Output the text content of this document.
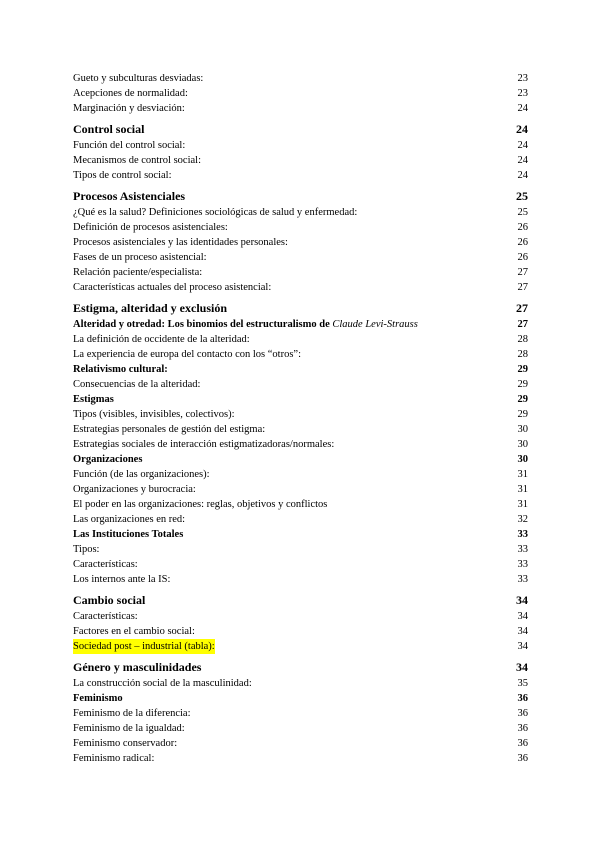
Gueto y subculturas desviadas:	23
Acepciones de normalidad:	23
Marginación y desviación:	24
Control social	24
Función del control social:	24
Mecanismos de control social:	24
Tipos de control social:	24
Procesos Asistenciales	25
¿Qué es la salud? Definiciones sociológicas de salud y enfermedad:	25
Definición de procesos asistenciales:	26
Procesos asistenciales y las identidades personales:	26
Fases de un proceso asistencial:	26
Relación paciente/especialista:	27
Características actuales del proceso asistencial:	27
Estigma, alteridad y exclusión	27
Alteridad y otredad: Los binomios del estructuralismo de Claude Levi-Strauss	27
La definición de occidente de la alteridad:	28
La experiencia de europa del contacto con los “otros”:	28
Relativismo cultural:	29
Consecuencias de la alteridad:	29
Estigmas	29
Tipos (visibles, invisibles, colectivos):	29
Estrategias personales de gestión del estigma:	30
Estrategias sociales de interacción estigmatizadoras/normales:	30
Organizaciones	30
Función (de las organizaciones):	31
Organizaciones y burocracia:	31
El poder en las organizaciones: reglas, objetivos y conflictos	31
Las organizaciones en red:	32
Las Instituciones Totales	33
Tipos:	33
Características:	33
Los internos ante la IS:	33
Cambio social	34
Características:	34
Factores en el cambio social:	34
Sociedad post – industrial (tabla):	34
Género y masculinidades	34
La construcción social de la masculinidad:	35
Feminismo	36
Feminismo de la diferencia:	36
Feminismo de la igualdad:	36
Feminismo conservador:	36
Feminismo radical:	36
